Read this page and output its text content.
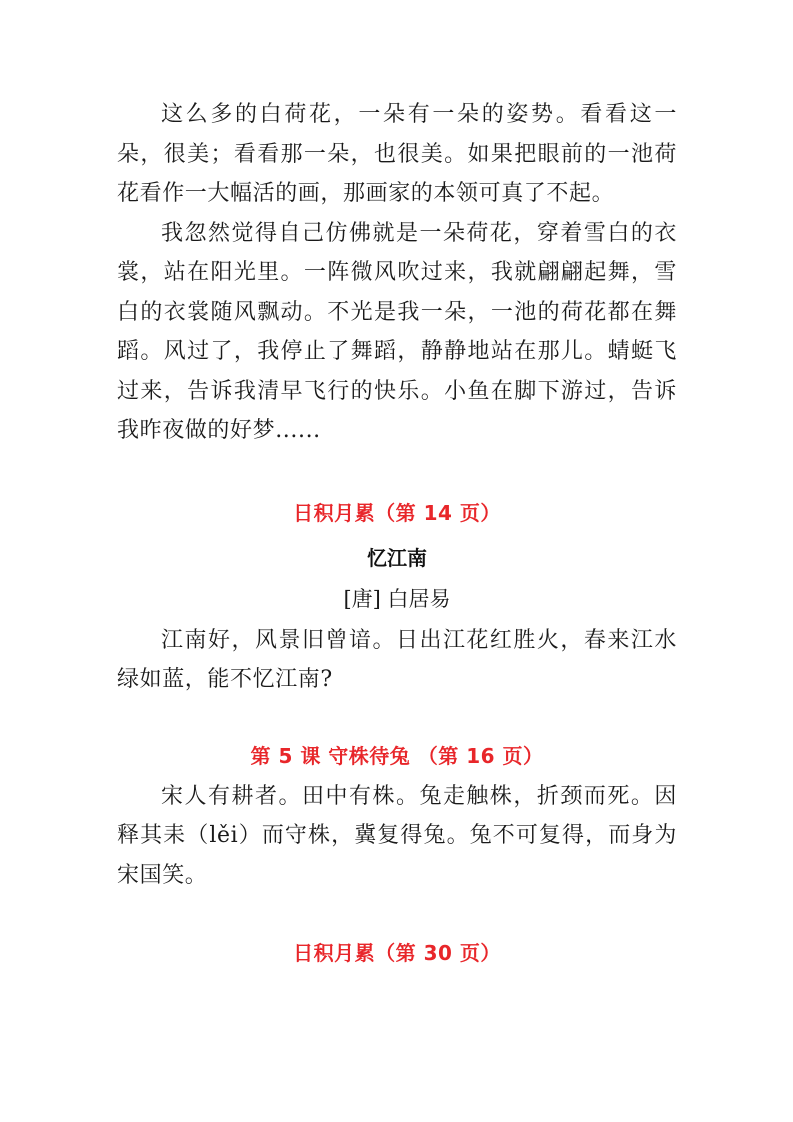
这么多的白荷花，一朵有一朵的姿势。看看这一朵，很美；看看那一朵，也很美。如果把眼前的一池荷花看作一大幅活的画，那画家的本领可真了不起。

我忽然觉得自己仿佛就是一朵荷花，穿着雪白的衣裳，站在阳光里。一阵微风吹过来，我就翩翩起舞，雪白的衣裳随风飘动。不光是我一朵，一池的荷花都在舞蹈。风过了，我停止了舞蹈，静静地站在那儿。蜻蜓飞过来，告诉我清早飞行的快乐。小鱼在脚下游过，告诉我昨夜做的好梦......

日积月累（第 14 页）

忆江南

[唐] 白居易

江南好，风景旧曾谙。日出江花红胜火，春来江水绿如蓝，能不忆江南?

第 5 课 守株待兔 （第 16 页）

宋人有耕者。田中有株。兔走触株，折颈而死。因释其耒（lěi）而守株，冀复得兔。兔不可复得，而身为宋国笑。

日积月累（第 30 页）
